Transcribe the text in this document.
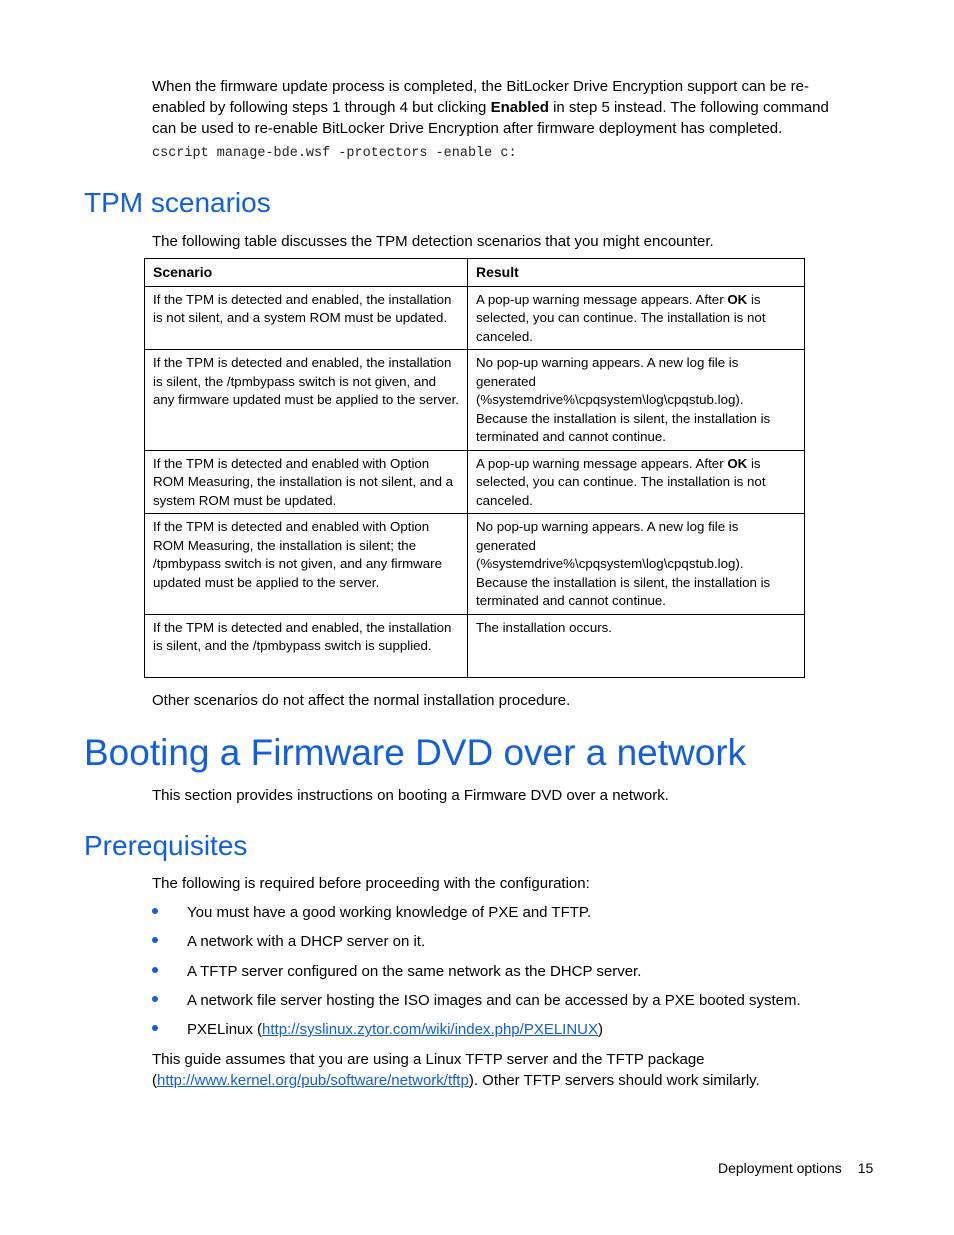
When the firmware update process is completed, the BitLocker Drive Encryption support can be re-enabled by following steps 1 through 4 but clicking Enabled in step 5 instead. The following command can be used to re-enable BitLocker Drive Encryption after firmware deployment has completed.
cscript manage-bde.wsf -protectors -enable c:
TPM scenarios
The following table discusses the TPM detection scenarios that you might encounter.
Scenario	Result
If the TPM is detected and enabled, the installation is not silent, and a system ROM must be updated.	A pop-up warning message appears. After OK is selected, you can continue. The installation is not canceled.
If the TPM is detected and enabled, the installation is silent, the /tpmbypass switch is not given, and any firmware updated must be applied to the server.	No pop-up warning appears. A new log file is generated (%systemdrive%\cpqsystem\log\cpqstub.log). Because the installation is silent, the installation is terminated and cannot continue.
If the TPM is detected and enabled with Option ROM Measuring, the installation is not silent, and a system ROM must be updated.	A pop-up warning message appears. After OK is selected, you can continue. The installation is not canceled.
If the TPM is detected and enabled with Option ROM Measuring, the installation is silent; the /tpmbypass switch is not given, and any firmware updated must be applied to the server.	No pop-up warning appears. A new log file is generated (%systemdrive%\cpqsystem\log\cpqstub.log). Because the installation is silent, the installation is terminated and cannot continue.
If the TPM is detected and enabled, the installation is silent, and the /tpmbypass switch is supplied.	The installation occurs.
Other scenarios do not affect the normal installation procedure.
Booting a Firmware DVD over a network
This section provides instructions on booting a Firmware DVD over a network.
Prerequisites
The following is required before proceeding with the configuration:
You must have a good working knowledge of PXE and TFTP.
A network with a DHCP server on it.
A TFTP server configured on the same network as the DHCP server.
A network file server hosting the ISO images and can be accessed by a PXE booted system.
PXELinux (http://syslinux.zytor.com/wiki/index.php/PXELINUX)
This guide assumes that you are using a Linux TFTP server and the TFTP package
(http://www.kernel.org/pub/software/network/tftp). Other TFTP servers should work similarly.
Deployment options 15
